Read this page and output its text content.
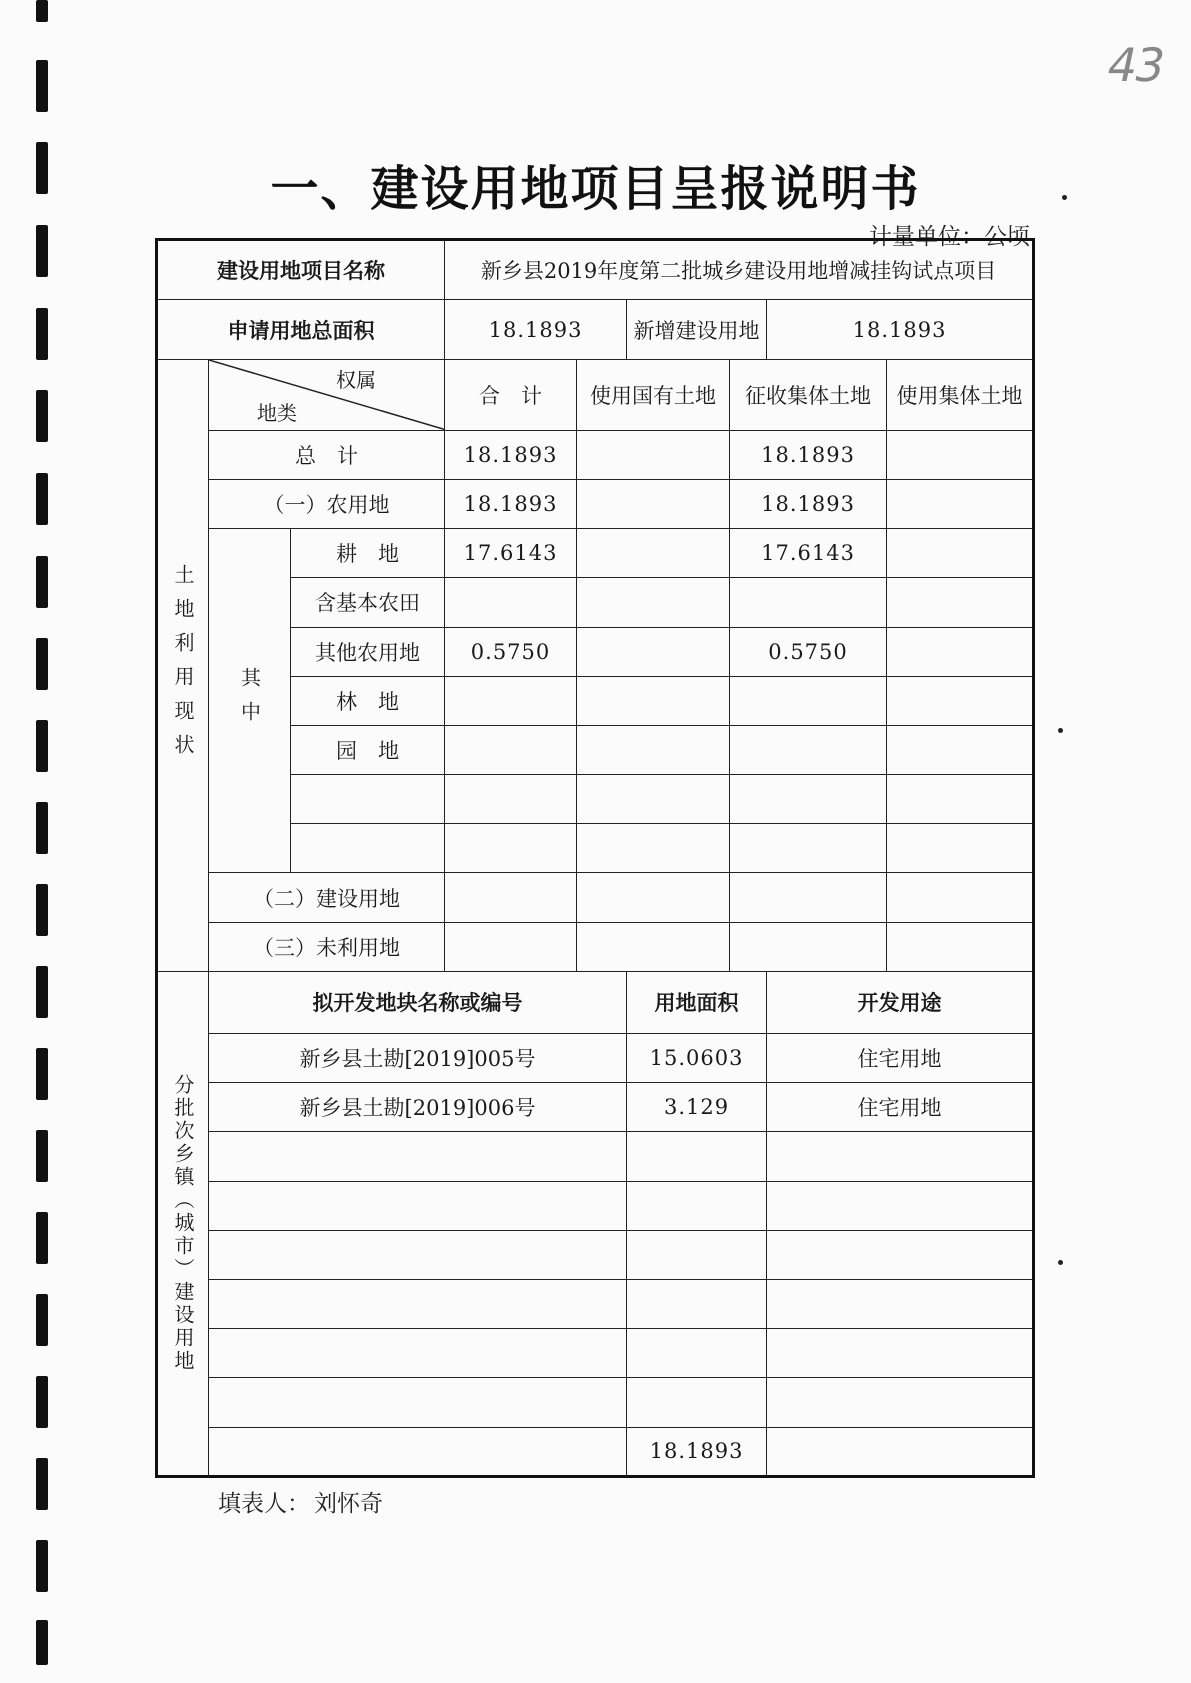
43
一、建设用地项目呈报说明书
计量单位：公顷
建设用地项目名称			新乡县2019年度第二批城乡建设用地增减挂钩试点项目					
申请用地总面积			18.1893		新增建设用地		18.1893	

土地利用现状	权属
地类		合　计	使用国有土地		征收集体土地		使用集体土地
	总　计		18.1893			18.1893		
	（一）农用地		18.1893			18.1893		

	其中	耕　地	17.6143			17.6143		
		含基本农田						
		其他农用地	0.5750			0.5750		
		林　地						
		园　地						

	（二）建设用地							
	（三）未利用地							

分批次乡镇（城市）建设用地	拟开发地块名称或编号				用地面积		开发用途	
	新乡县土勘[2019]005号				15.0603		住宅用地	
	新乡县土勘[2019]006号				3.129		住宅用地	

					18.1893			
填表人： 刘怀奇
